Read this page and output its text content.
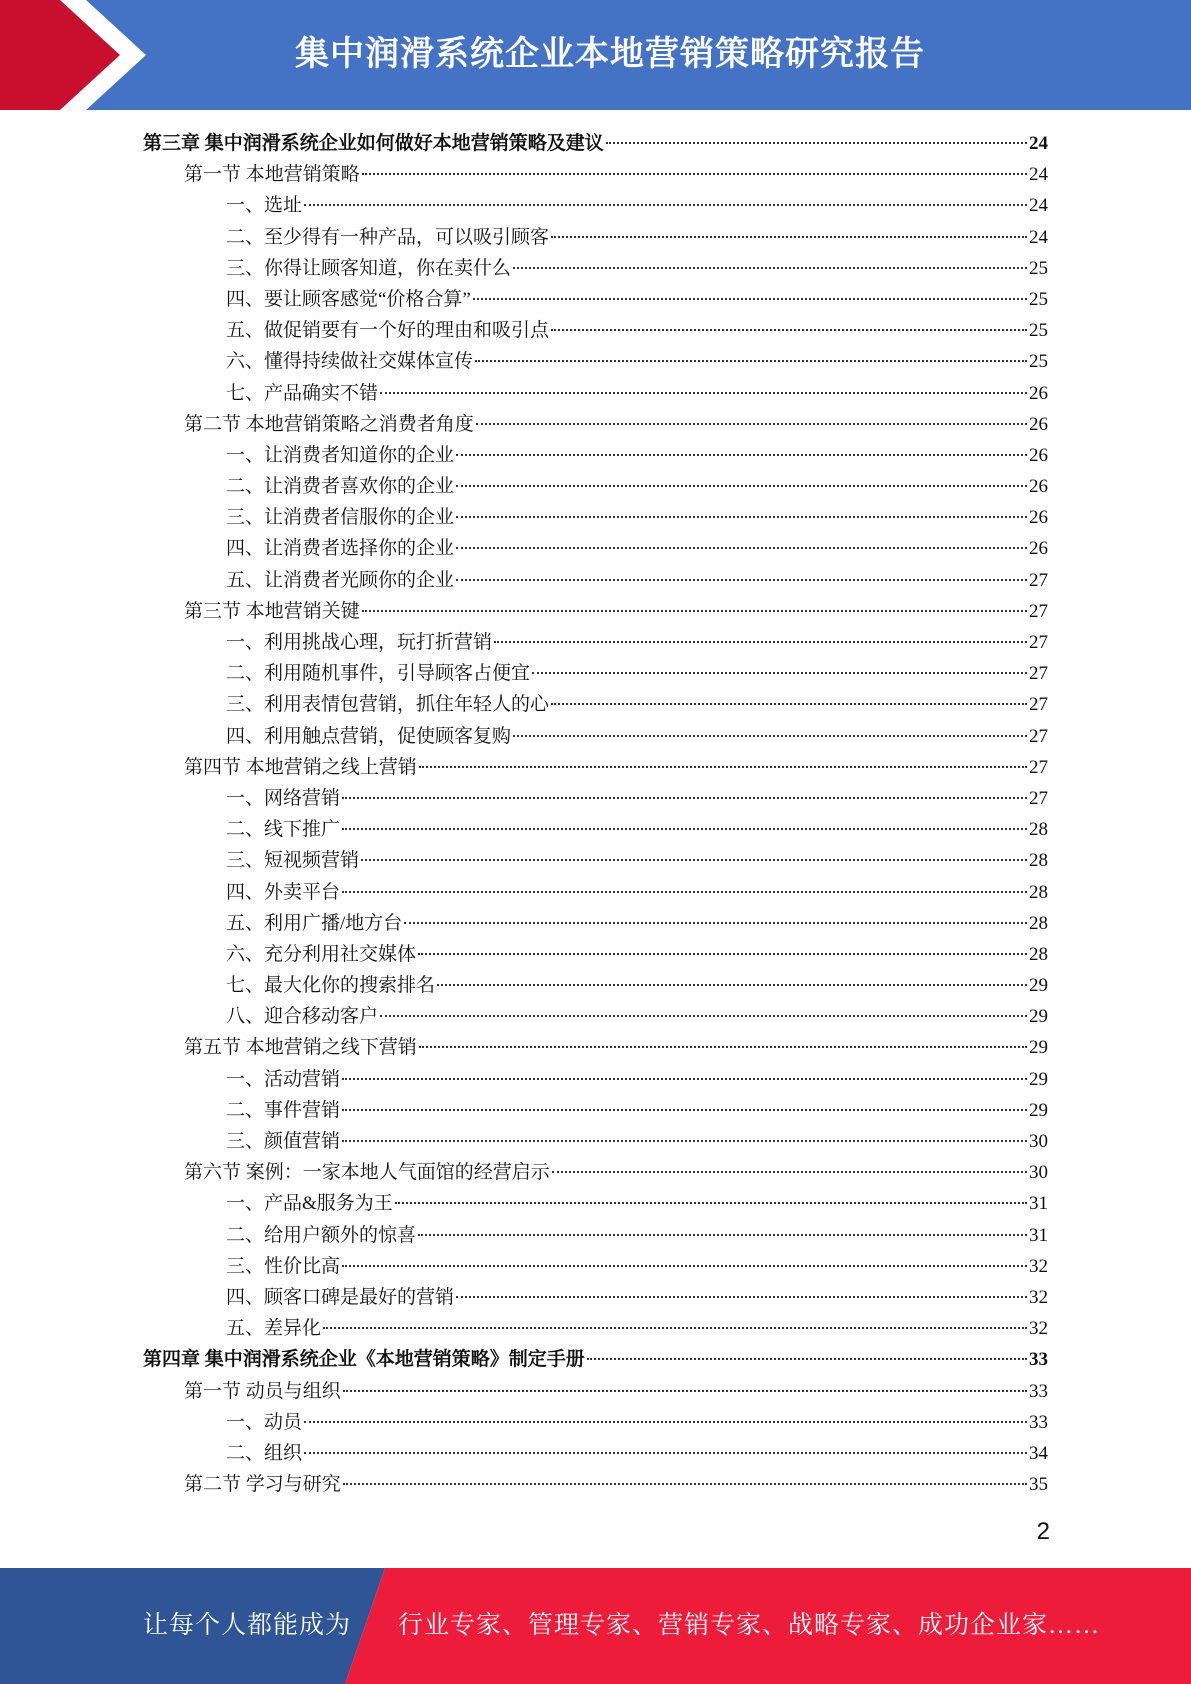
集中润滑系统企业本地营销策略研究报告
第三章 集中润滑系统企业如何做好本地营销策略及建议	24
第一节 本地营销策略	24
一、选址	24
二、至少得有一种产品，可以吸引顾客	24
三、你得让顾客知道，你在卖什么	25
四、要让顾客感觉“价格合算”	25
五、做促销要有一个好的理由和吸引点	25
六、懂得持续做社交媒体宣传	25
七、产品确实不错	26
第二节 本地营销策略之消费者角度	26
一、让消费者知道你的企业	26
二、让消费者喜欢你的企业	26
三、让消费者信服你的企业	26
四、让消费者选择你的企业	26
五、让消费者光顾你的企业	27
第三节 本地营销关键	27
一、利用挑战心理，玩打折营销	27
二、利用随机事件，引导顾客占便宜	27
三、利用表情包营销，抓住年轻人的心	27
四、利用触点营销，促使顾客复购	27
第四节 本地营销之线上营销	27
一、网络营销	27
二、线下推广	28
三、短视频营销	28
四、外卖平台	28
五、利用广播/地方台	28
六、充分利用社交媒体	28
七、最大化你的搜索排名	29
八、迎合移动客户	29
第五节 本地营销之线下营销	29
一、活动营销	29
二、事件营销	29
三、颜值营销	30
第六节 案例：一家本地人气面馆的经营启示	30
一、产品&服务为王	31
二、给用户额外的惊喜	31
三、性价比高	32
四、顾客口碑是最好的营销	32
五、差异化	32
第四章 集中润滑系统企业《本地营销策略》制定手册	33
第一节 动员与组织	33
一、动员	33
二、组织	34
第二节 学习与研究	35
2
让每个人都能成为 行业专家、管理专家、营销专家、战略专家、成功企业家……
